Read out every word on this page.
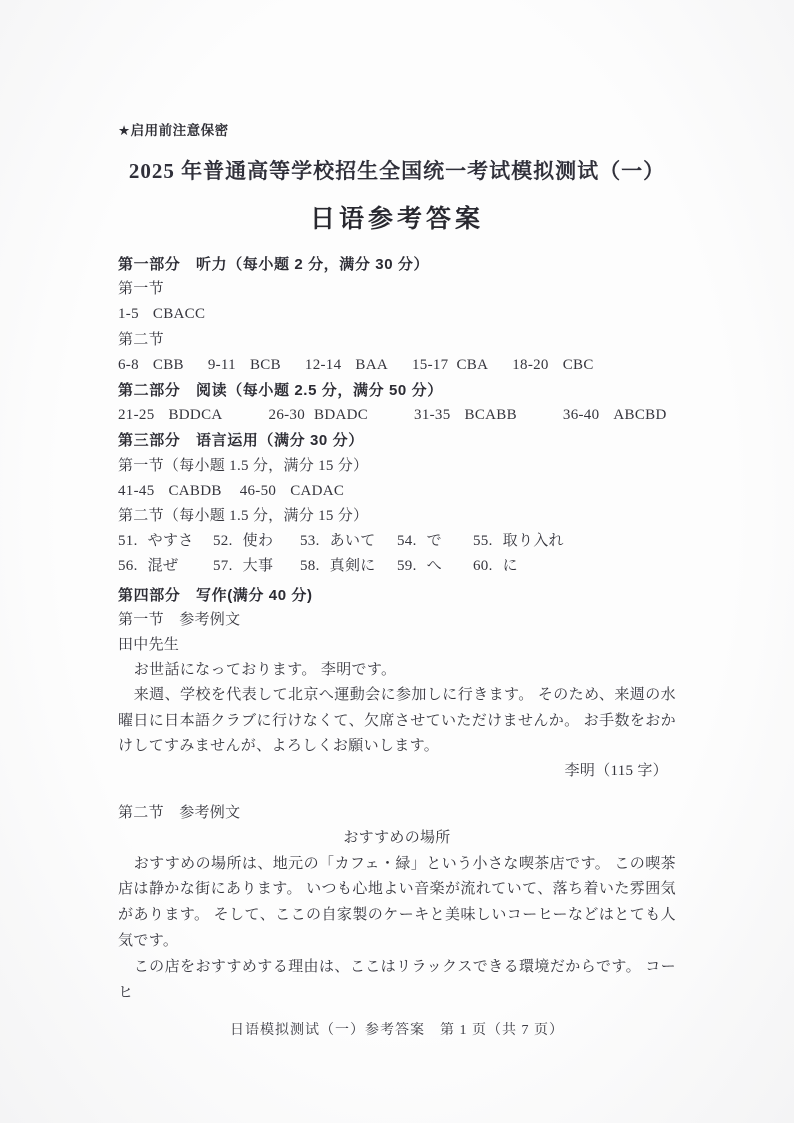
★启用前注意保密
2025 年普通高等学校招生全国统一考试模拟测试（一）
日语参考答案
第一部分　听力（每小题 2 分，满分 30 分）
第一节
1-5 CBACC
第二节
6-8 CBB 9-11 BCB 12-14 BAA 15-17 CBA 18-20 CBC
第二部分　阅读（每小题 2.5 分，满分 50 分）
21-25 BDDCA	26-30 BDADC	31-35 BCABB	36-40 ABCBD
第三部分　语言运用（满分 30 分）
第一节（每小题 1.5 分，满分 15 分）
41-45 CABDB 46-50 CADAC
第二节（每小题 1.5 分，满分 15 分）
51. やすさ 52. 使わ 53. あいて 54. で 55. 取り入れ
56. 混ぜ 57. 大事 58. 真剣に 59. へ 60. に
第四部分　写作(满分 40 分)
第一节　参考例文
田中先生
お世話になっております。 李明です。
来週、学校を代表して北京へ運動会に参加しに行きます。 そのため、来週の水曜日に日本語クラブに行けなくて、欠席させていただけませんか。 お手数をおかけしてすみませんが、よろしくお願いします。
李明（115 字）
第二节　参考例文
おすすめの場所
おすすめの場所は、地元の「カフェ・緑」という小さな喫茶店です。 この喫茶店は静かな街にあります。 いつも心地よい音楽が流れていて、落ち着いた雰囲気があります。 そして、ここの自家製のケーキと美味しいコーヒーなどはとても人気です。
この店をおすすめする理由は、ここはリラックスできる環境だからです。 コーヒ
日语模拟测试（一）参考答案　第 1 页（共 7 页）
